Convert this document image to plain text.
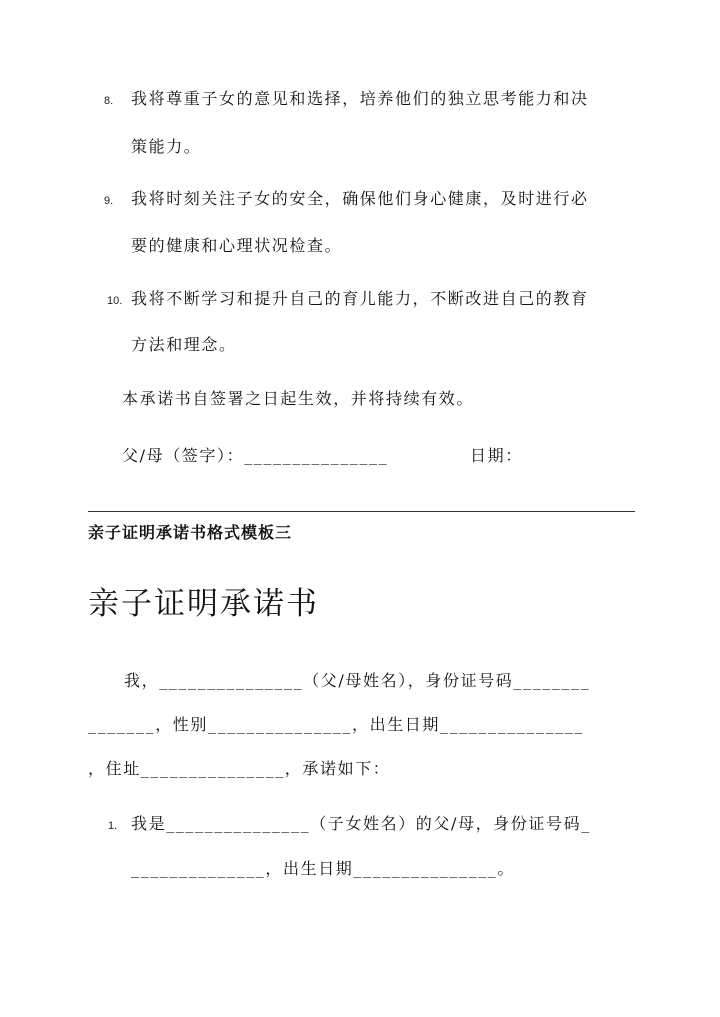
8. 我将尊重子女的意见和选择，培养他们的独立思考能力和决
策能力。
9. 我将时刻关注子女的安全，确保他们身心健康，及时进行必
要的健康和心理状况检查。
10. 我将不断学习和提升自己的育儿能力，不断改进自己的教育
方法和理念。
本承诺书自签署之日起生效，并将持续有效。
父/母（签字）：_______________	日期：
亲子证明承诺书格式模板三
亲子证明承诺书
我，_______________（父/母姓名），身份证号码________
_______，性别_______________，出生日期_______________
，住址_______________，承诺如下：
1. 我是_______________（子女姓名）的父/母，身份证号码_
______________，出生日期_______________。
